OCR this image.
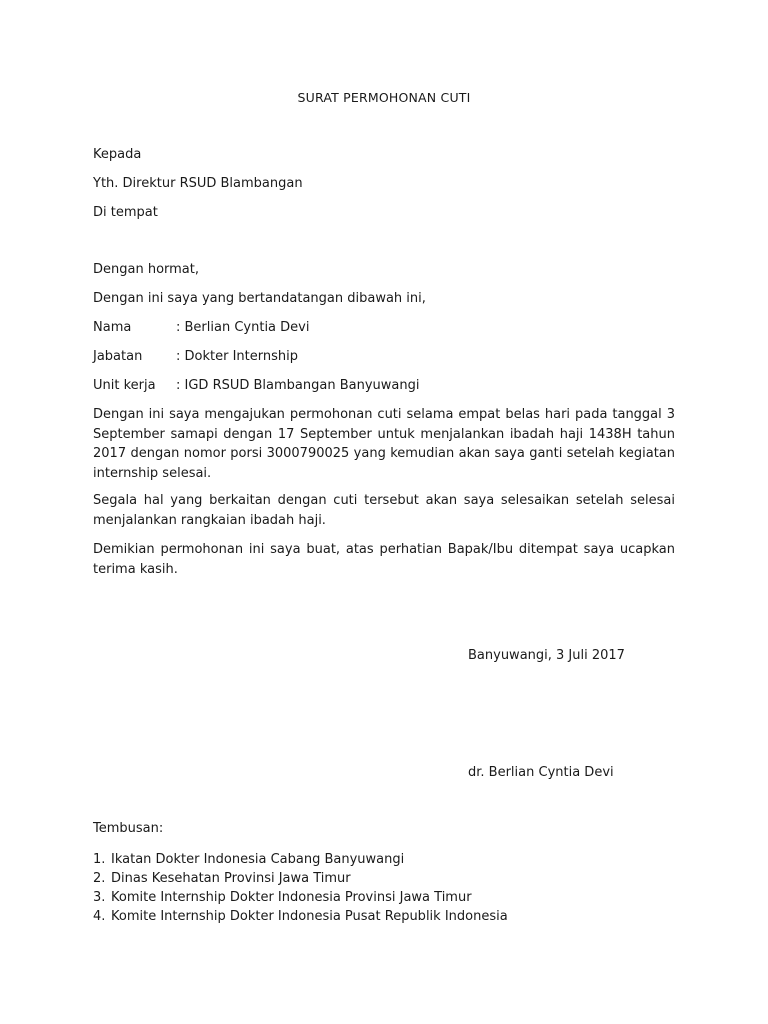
SURAT PERMOHONAN CUTI
Kepada
Yth. Direktur RSUD Blambangan
Di tempat
Dengan hormat,
Dengan ini saya yang bertandatangan dibawah ini,
Nama	: Berlian Cyntia Devi
Jabatan	: Dokter Internship
Unit kerja : IGD RSUD Blambangan Banyuwangi
Dengan ini saya mengajukan permohonan cuti selama empat belas hari pada tanggal 3 September samapi dengan 17 September untuk menjalankan ibadah haji 1438H tahun 2017 dengan nomor porsi 3000790025 yang kemudian akan saya ganti setelah kegiatan internship selesai.
Segala hal yang berkaitan dengan cuti tersebut akan saya selesaikan setelah selesai menjalankan rangkaian ibadah haji.
Demikian permohonan ini saya buat, atas perhatian Bapak/Ibu ditempat saya ucapkan terima kasih.
Banyuwangi, 3 Juli 2017
dr. Berlian Cyntia Devi
Tembusan:
1. Ikatan Dokter Indonesia Cabang Banyuwangi
2. Dinas Kesehatan Provinsi Jawa Timur
3. Komite Internship Dokter Indonesia Provinsi Jawa Timur
4. Komite Internship Dokter Indonesia Pusat Republik Indonesia
